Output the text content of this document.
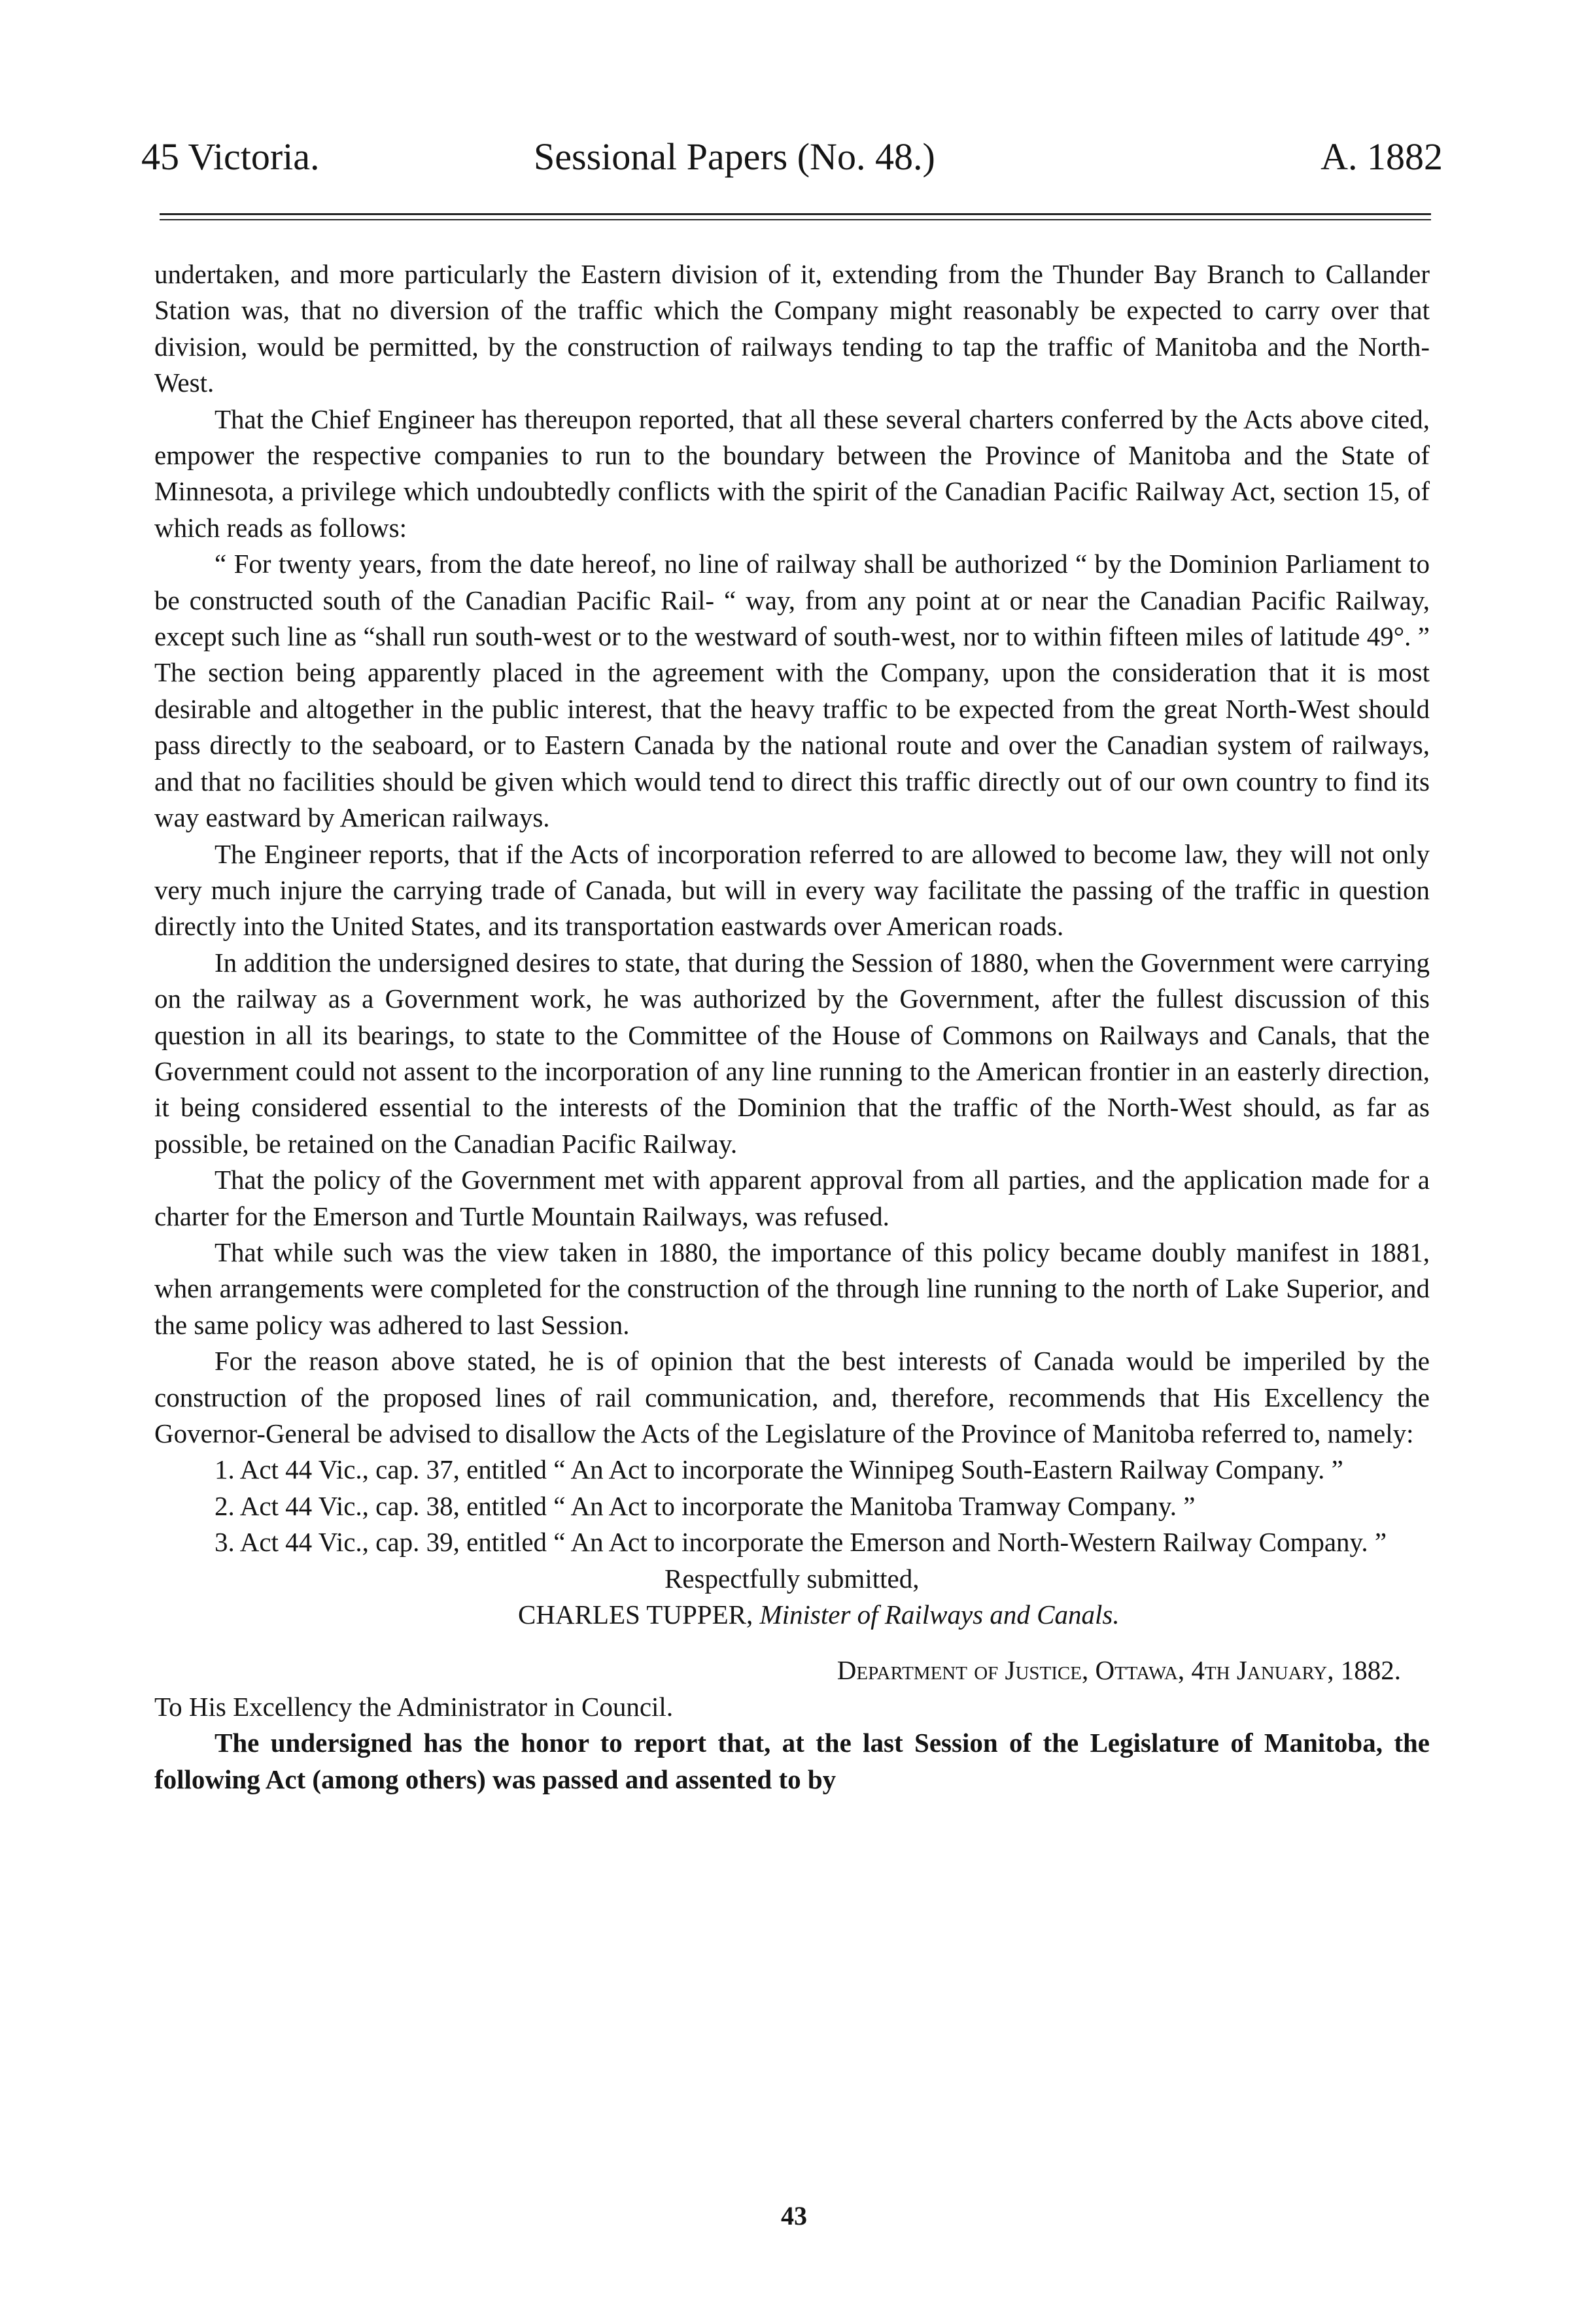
45 Victoria.	Sessional Papers (No. 48.)	A. 1882

undertaken, and more particularly the Eastern division of it, extending from the Thunder Bay Branch to Callander Station was, that no diversion of the traffic which the Company might reasonably be expected to carry over that division, would be permitted, by the construction of railways tending to tap the traffic of Manitoba and the North-West.

That the Chief Engineer has thereupon reported, that all these several charters conferred by the Acts above cited, empower the respective companies to run to the boundary between the Province of Manitoba and the State of Minnesota, a privilege which undoubtedly conflicts with the spirit of the Canadian Pacific Railway Act, section 15, of which reads as follows:

“ For twenty years, from the date hereof, no line of railway shall be authorized “ by the Dominion Parliament to be constructed south of the Canadian Pacific Rail- “ way, from any point at or near the Canadian Pacific Railway, except such line as “shall run south-west or to the westward of south-west, nor to within fifteen miles of latitude 49°. ” The section being apparently placed in the agreement with the Company, upon the consideration that it is most desirable and altogether in the public interest, that the heavy traffic to be expected from the great North-West should pass directly to the seaboard, or to Eastern Canada by the national route and over the Canadian system of railways, and that no facilities should be given which would tend to direct this traffic directly out of our own country to find its way eastward by American railways.

The Engineer reports, that if the Acts of incorporation referred to are allowed to become law, they will not only very much injure the carrying trade of Canada, but will in every way facilitate the passing of the traffic in question directly into the United States, and its transportation eastwards over American roads.

In addition the undersigned desires to state, that during the Session of 1880, when the Government were carrying on the railway as a Government work, he was authorized by the Government, after the fullest discussion of this question in all its bearings, to state to the Committee of the House of Commons on Railways and Canals, that the Government could not assent to the incorporation of any line running to the American frontier in an easterly direction, it being considered essential to the interests of the Dominion that the traffic of the North-West should, as far as possible, be retained on the Canadian Pacific Railway.

That the policy of the Government met with apparent approval from all parties, and the application made for a charter for the Emerson and Turtle Mountain Railways, was refused.

That while such was the view taken in 1880, the importance of this policy became doubly manifest in 1881, when arrangements were completed for the construction of the through line running to the north of Lake Superior, and the same policy was adhered to last Session.

For the reason above stated, he is of opinion that the best interests of Canada would be imperiled by the construction of the proposed lines of rail communication, and, therefore, recommends that His Excellency the Governor-General be advised to disallow the Acts of the Legislature of the Province of Manitoba referred to, namely:

1. Act 44 Vic., cap. 37, entitled “ An Act to incorporate the Winnipeg South-Eastern Railway Company. ”

2. Act 44 Vic., cap. 38, entitled “ An Act to incorporate the Manitoba Tramway Company. ”

3. Act 44 Vic., cap. 39, entitled “ An Act to incorporate the Emerson and North-Western Railway Company. ”

Respectfully submitted,
CHARLES TUPPER, Minister of Railways and Canals.
Department of Justice, Ottawa, 4th January, 1882.
To His Excellency the Administrator in Council.

The undersigned has the honor to report that, at the last Session of the Legislature of Manitoba, the following Act (among others) was passed and assented to by

43
